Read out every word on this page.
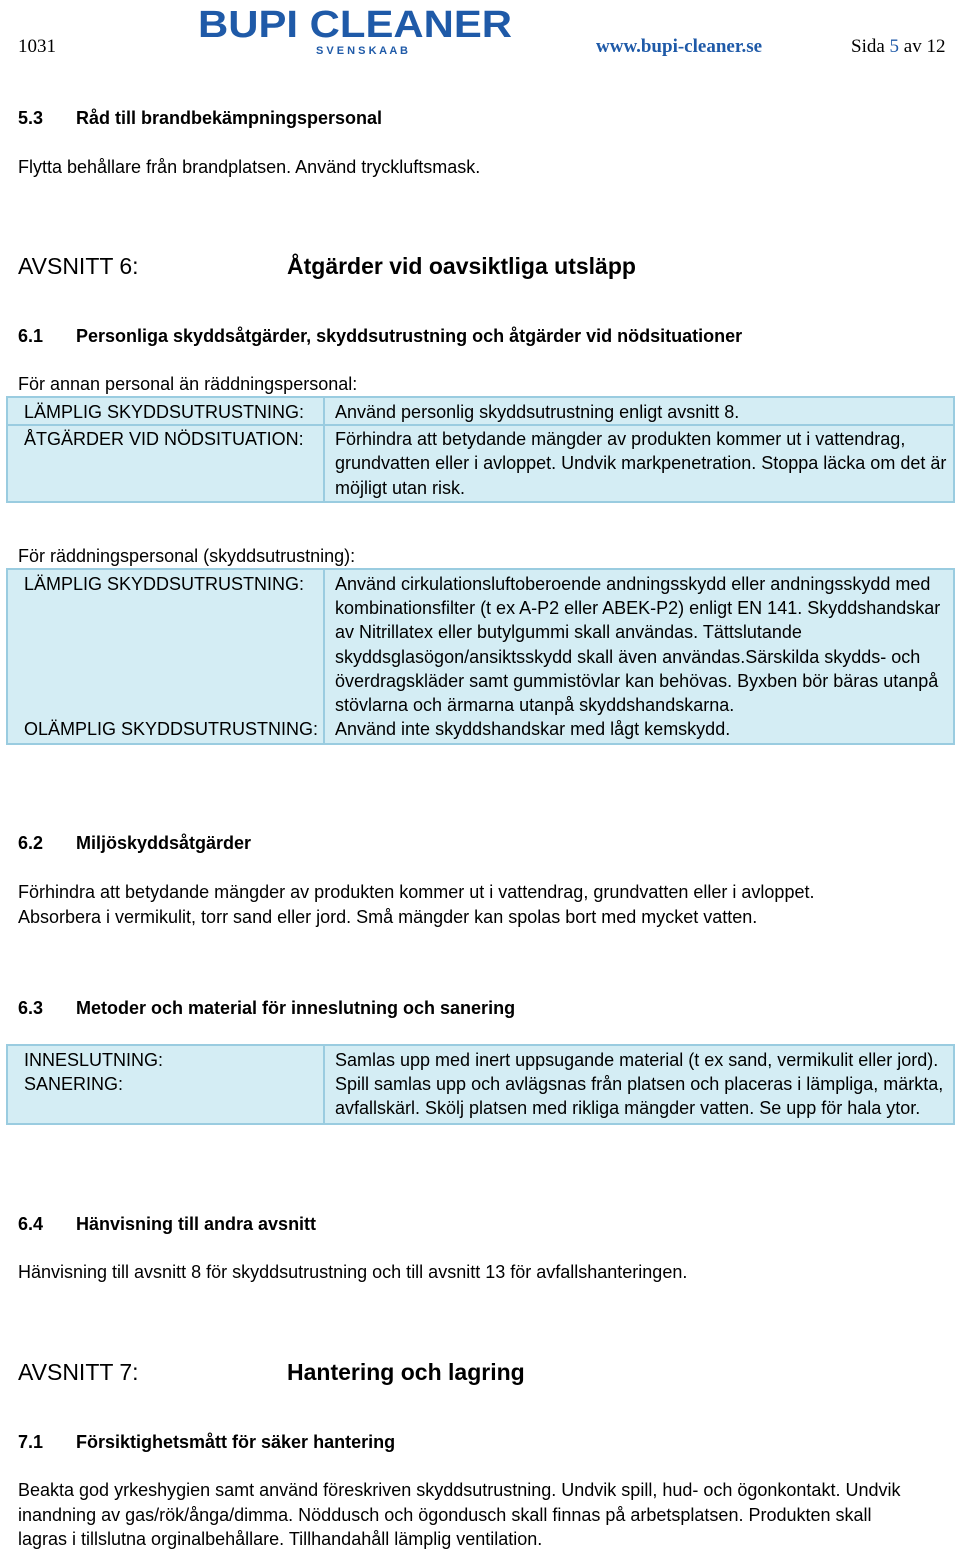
1031
BUPI CLEANER
S V E N S K A A B	www.bupi-cleaner.se	Sida 5 av 12
5.3 Råd till brandbekämpningspersonal
Flytta behållare från brandplatsen. Använd tryckluftsmask.
AVSNITT 6:	Åtgärder vid oavsiktliga utsläpp
6.1 Personliga skyddsåtgärder, skyddsutrustning och åtgärder vid nödsituationer
För annan personal än räddningspersonal:
LÄMPLIG SKYDDSUTRUSTNING:	Använd personlig skyddsutrustning enligt avsnitt 8.
ÅTGÄRDER VID NÖDSITUATION:	Förhindra att betydande mängder av produkten kommer ut i vattendrag, grundvatten eller i avloppet. Undvik markpenetration. Stoppa läcka om det är möjligt utan risk.
För räddningspersonal (skyddsutrustning):
LÄMPLIG SKYDDSUTRUSTNING:	Använd cirkulationsluftoberoende andningsskydd eller andningsskydd med kombinationsfilter (t ex A-P2 eller ABEK-P2) enligt EN 141. Skyddshandskar av Nitrillatex eller butylgummi skall användas. Tättslutande skyddsglasögon/ansiktsskydd skall även användas.Särskilda skydds- och överdragskläder samt gummistövlar kan behövas. Byxben bör bäras utanpå stövlarna och ärmarna utanpå skyddshandskarna.
OLÄMPLIG SKYDDSUTRUSTNING:	Använd inte skyddshandskar med lågt kemskydd.
6.2 Miljöskyddsåtgärder
Förhindra att betydande mängder av produkten kommer ut i vattendrag, grundvatten eller i avloppet. Absorbera i vermikulit, torr sand eller jord. Små mängder kan spolas bort med mycket vatten.
6.3 Metoder och material för inneslutning och sanering
INNESLUTNING:	Samlas upp med inert uppsugande material (t ex sand, vermikulit eller jord).
SANERING:	Spill samlas upp och avlägsnas från platsen och placeras i lämpliga, märkta, avfallskärl. Skölj platsen med rikliga mängder vatten. Se upp för hala ytor.
6.4 Hänvisning till andra avsnitt
Hänvisning till avsnitt 8 för skyddsutrustning och till avsnitt 13 för avfallshanteringen.
AVSNITT 7:	Hantering och lagring
7.1 Försiktighetsmått för säker hantering
Beakta god yrkeshygien samt använd föreskriven skyddsutrustning. Undvik spill, hud- och ögonkontakt. Undvik inandning av gas/rök/ånga/dimma. Nöddusch och ögondusch skall finnas på arbetsplatsen. Produkten skall lagras i tillslutna orginalbehållare. Tillhandahåll lämplig ventilation.
